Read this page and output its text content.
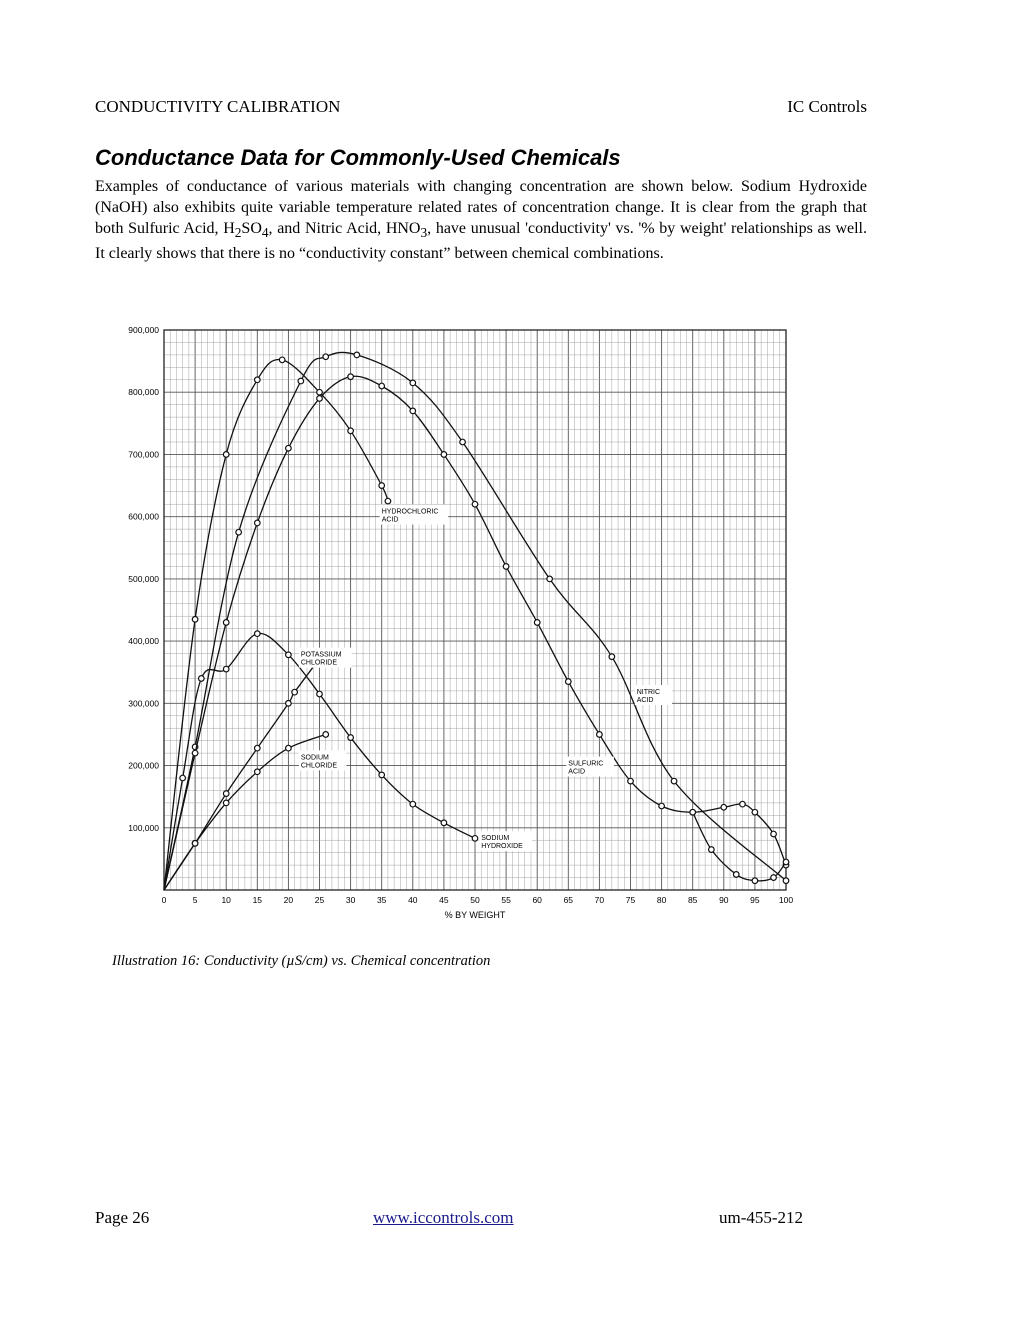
CONDUCTIVITY CALIBRATION	IC Controls
Conductance Data for Commonly-Used Chemicals
Examples of conductance of various materials with changing concentration are shown below. Sodium Hydroxide (NaOH) also exhibits quite variable temperature related rates of concentration change. It is clear from the graph that both Sulfuric Acid, $H_2SO_4$, and Nitric Acid, $HNO_3$, have unusual 'conductivity' vs. '% by weight' relationships as well. It clearly shows that there is no “conductivity constant” between chemical combinations.
0	5	10	15	20	25	30	35	40	45	50	55	60	65	70	75	80	85	90	95 100
100,000
200,000
300,000
400,000
500,000
600,000
700,000
800,000
900,000
% BY WEIGHT
HYDROCHLORIC
ACID
NITRIC
ACID
SULFURIC
ACID
POTASSIUM
CHLORIDE
SODIUM
CHLORIDE
SODIUM
HYDROXIDE
Illustration 16: Conductivity (µS/cm) vs. Chemical concentration
Page 26	www.iccontrols.com	um-455-212
